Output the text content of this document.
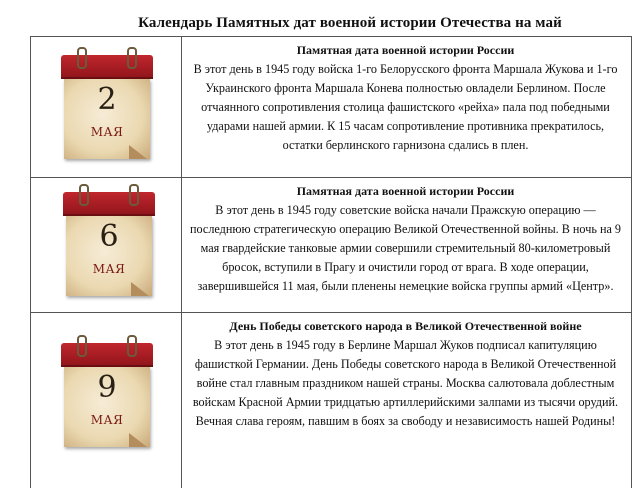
Календарь Памятных дат военной истории Отечества на май
2
МАЯ
Памятная дата военной истории России
В этот день в 1945 году войска 1-го Белорусского фронта Маршала Жукова и 1-го Украинского фронта Маршала Конева полностью овладели Берлином. После отчаянного сопротивления столица фашистского «рейха» пала под победными ударами нашей армии. К 15 часам сопротивление противника прекратилось, остатки берлинского гарнизона сдались в плен.
6
МАЯ
Памятная дата военной истории России
В этот день в 1945 году советские войска начали Пражскую операцию — последнюю стратегическую операцию Великой Отечественной войны. В ночь на 9 мая гвардейские танковые армии совершили стремительный 80-километровый бросок, вступили в Прагу и очистили город от врага. В ходе операции, завершившейся 11 мая, были пленены немецкие войска группы армий «Центр».
9
МАЯ
День Победы советского народа в Великой Отечественной войне
В этот день в 1945 году в Берлине Маршал Жуков подписал капитуляцию фашисткой Германии. День Победы советского народа в Великой Отечественной войне стал главным праздником нашей страны. Москва салютовала доблестным войскам Красной Армии тридцатью артиллерийскими залпами из тысячи орудий. Вечная слава героям, павшим в боях за свободу и независимость нашей Родины!
